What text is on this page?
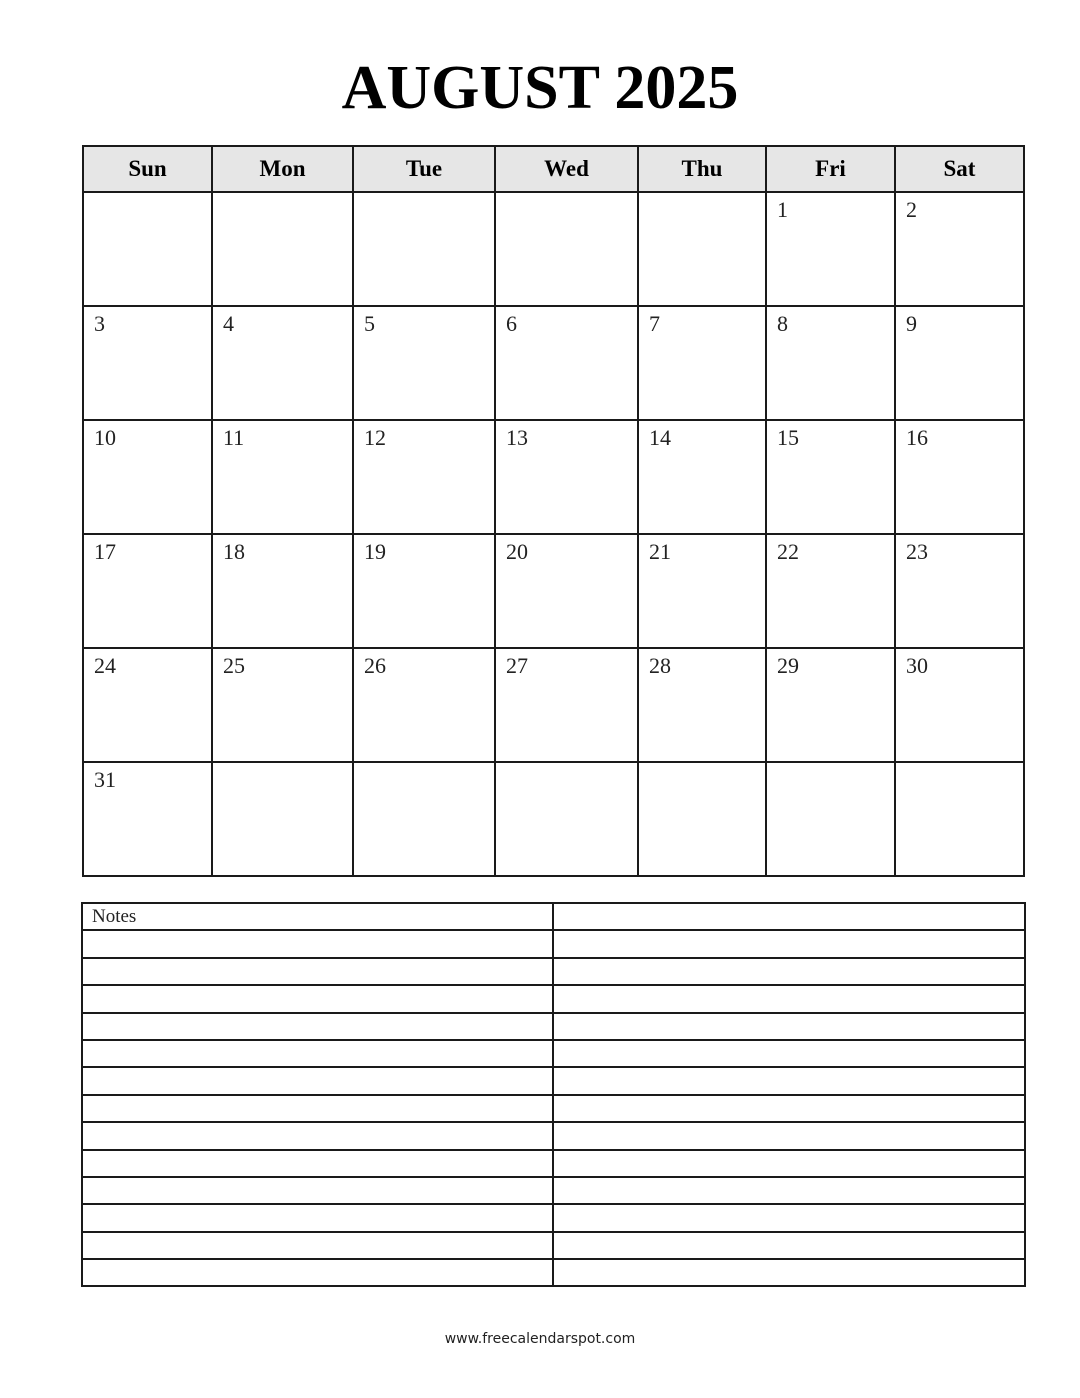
AUGUST 2025
Sun	Mon	Tue	Wed	Thu	Fri	Sat

					1	2

3	4	5	6	7	8	9

10	11	12	13	14	15	16

17	18	19	20	21	22	23

24	25	26	27	28	29	30

31						

Notes	

www.freecalendarspot.com
